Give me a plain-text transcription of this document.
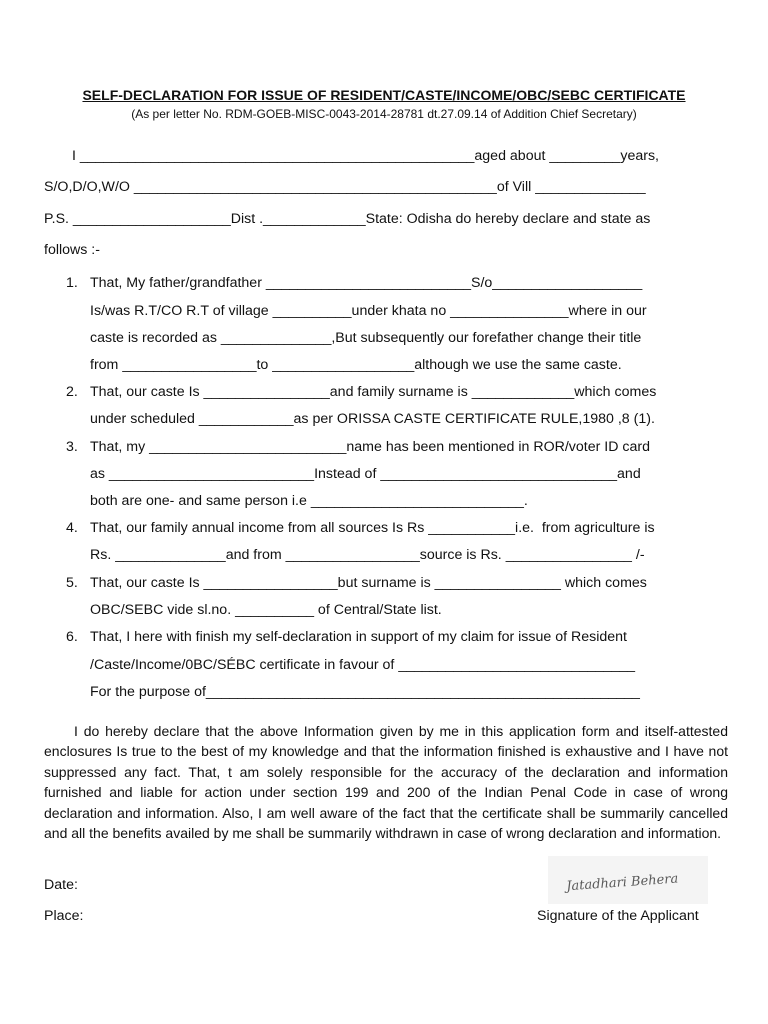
SELF-DECLARATION FOR ISSUE OF RESIDENT/CASTE/INCOME/OBC/SEBC CERTIFICATE
(As per letter No. RDM-GOEB-MISC-0043-2014-28781 dt.27.09.14 of Addition Chief Secretary)
I __________________________________________________aged about _________years,
S/O,D/O,W/O ______________________________________________of Vill ______________
P.S. ____________________Dist ._____________State: Odisha do hereby declare and state as
follows :-
1. That, My father/grandfather __________________________S/o___________________
Is/was R.T/CO R.T of village __________under khata no _______________where in our
caste is recorded as ______________,But subsequently our forefather change their title
from _________________to __________________although we use the same caste.
2. That, our caste Is ________________and family surname is _____________which comes
under scheduled ____________as per ORISSA CASTE CERTIFICATE RULE,1980 ,8 (1).
3. That, my _________________________name has been mentioned in ROR/voter ID card
as __________________________Instead of ______________________________and
both are one- and same person i.e ___________________________.
4. That, our family annual income from all sources Is Rs ___________i.e.  from agriculture is
Rs. ______________and from _________________source is Rs. ________________ /-
5. That, our caste Is _________________but surname is ________________ which comes
OBC/SEBC vide sl.no. __________ of Central/State list.
6. That, I here with finish my self-declaration in support of my claim for issue of Resident
/Caste/Income/0BC/SÉBC certificate in favour of ______________________________
For the purpose of_______________________________________________________
I do hereby declare that the above Information given by me in this application form and itself-attested enclosures Is true to the best of my knowledge and that the information finished is exhaustive and I have not suppressed any fact. That, t am solely responsible for the accuracy of the declaration and information furnished and liable for action under section 199 and 200 of the Indian Penal Code in case of wrong declaration and information. Also, I am well aware of the fact that the certificate shall be summarily cancelled and all the benefits availed by me shall be summarily withdrawn in case of wrong declaration and information.
Jatadhari Behera
Date:
Place:	Signature of the Applicant
